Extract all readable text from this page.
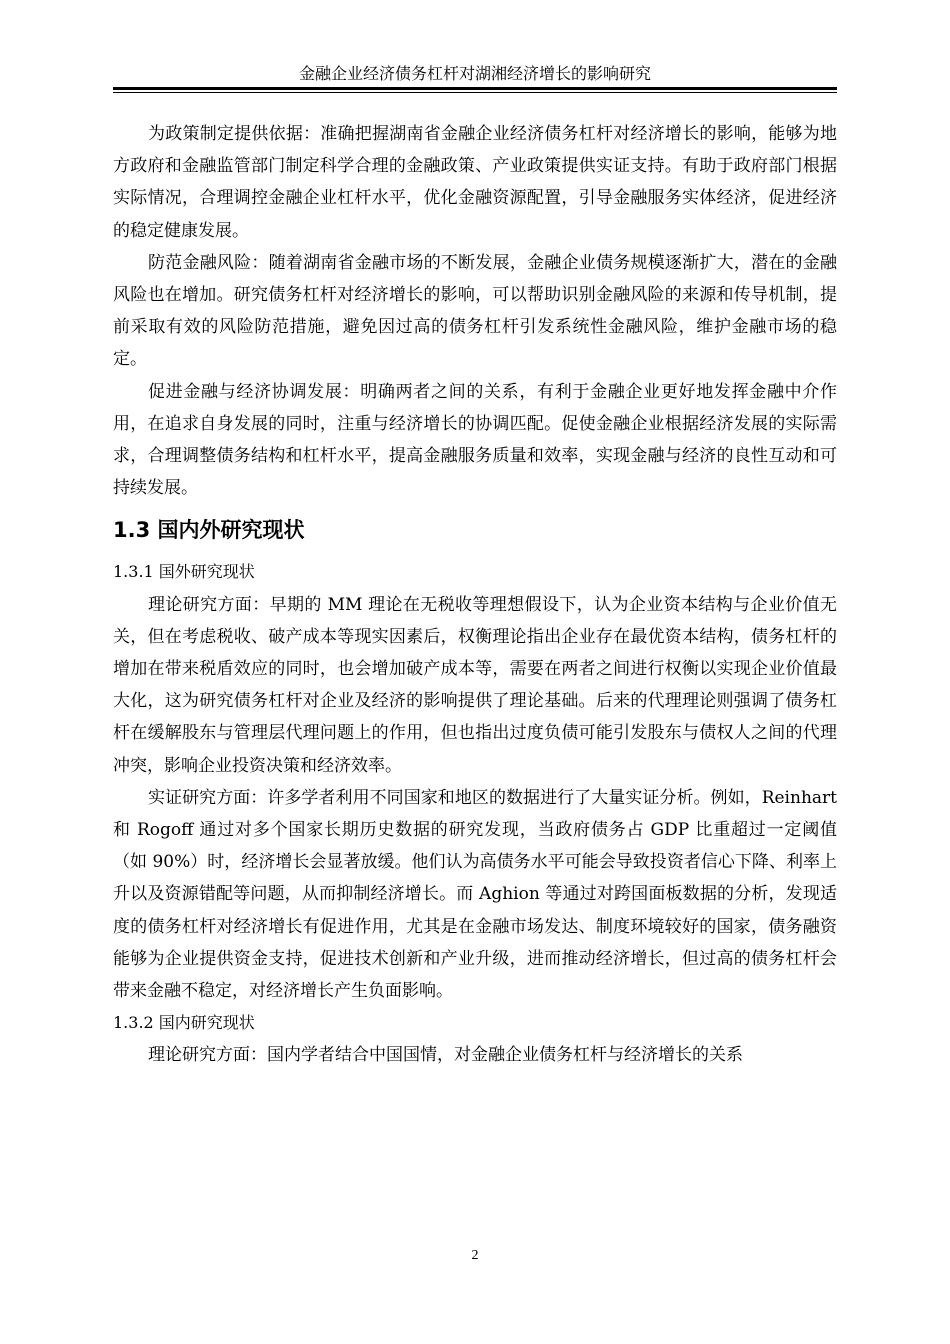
金融企业经济债务杠杆对湖湘经济增长的影响研究

为政策制定提供依据：准确把握湖南省金融企业经济债务杠杆对经济增长的影响，能够为地方政府和金融监管部门制定科学合理的金融政策、产业政策提供实证支持。有助于政府部门根据实际情况，合理调控金融企业杠杆水平，优化金融资源配置，引导金融服务实体经济，促进经济的稳定健康发展。

防范金融风险：随着湖南省金融市场的不断发展，金融企业债务规模逐渐扩大，潜在的金融风险也在增加。研究债务杠杆对经济增长的影响，可以帮助识别金融风险的来源和传导机制，提前采取有效的风险防范措施，避免因过高的债务杠杆引发系统性金融风险，维护金融市场的稳定。

促进金融与经济协调发展：明确两者之间的关系，有利于金融企业更好地发挥金融中介作用，在追求自身发展的同时，注重与经济增长的协调匹配。促使金融企业根据经济发展的实际需求，合理调整债务结构和杠杆水平，提高金融服务质量和效率，实现金融与经济的良性互动和可持续发展。

1.3 国内外研究现状
1.3.1 国外研究现状

理论研究方面：早期的 MM 理论在无税收等理想假设下，认为企业资本结构与企业价值无关，但在考虑税收、破产成本等现实因素后，权衡理论指出企业存在最优资本结构，债务杠杆的增加在带来税盾效应的同时，也会增加破产成本等，需要在两者之间进行权衡以实现企业价值最大化，这为研究债务杠杆对企业及经济的影响提供了理论基础。后来的代理理论则强调了债务杠杆在缓解股东与管理层代理问题上的作用，但也指出过度负债可能引发股东与债权人之间的代理冲突，影响企业投资决策和经济效率。

实证研究方面：许多学者利用不同国家和地区的数据进行了大量实证分析。例如，Reinhart 和 Rogoff 通过对多个国家长期历史数据的研究发现，当政府债务占 GDP 比重超过一定阈值（如 90%）时，经济增长会显著放缓。他们认为高债务水平可能会导致投资者信心下降、利率上升以及资源错配等问题，从而抑制经济增长。而 Aghion 等通过对跨国面板数据的分析，发现适度的债务杠杆对经济增长有促进作用，尤其是在金融市场发达、制度环境较好的国家，债务融资能够为企业提供资金支持，促进技术创新和产业升级，进而推动经济增长，但过高的债务杠杆会带来金融不稳定，对经济增长产生负面影响。

1.3.2 国内研究现状

理论研究方面：国内学者结合中国国情，对金融企业债务杠杆与经济增长的关系

2
